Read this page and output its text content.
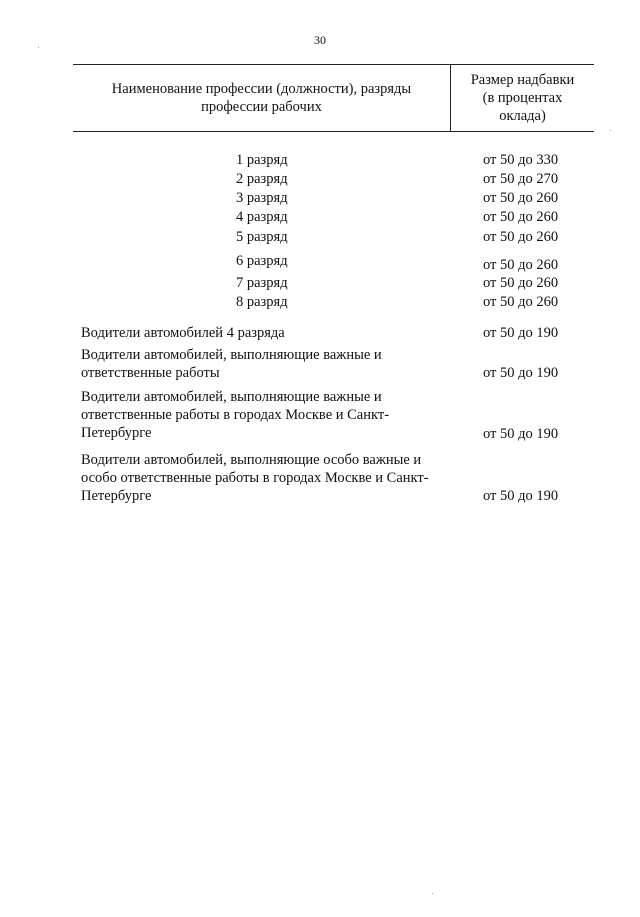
30
Наименование профессии (должности), разряды
профессии рабочих
Размер надбавки
(в процентах
оклада)
1 разряд	от 50 до 330
2 разряд	от 50 до 270
3 разряд	от 50 до 260
4 разряд	от 50 до 260
5 разряд	от 50 до 260
6 разряд	от 50 до 260
7 разряд	от 50 до 260
8 разряд	от 50 до 260
Водители автомобилей 4 разряда	от 50 до 190
Водители автомобилей, выполняющие важные и
ответственные работы	от 50 до 190
Водители автомобилей, выполняющие важные и
ответственные работы в городах Москве и Санкт-
Петербурге	от 50 до 190
Водители автомобилей, выполняющие особо важные и
особо ответственные работы в городах Москве и Санкт-
Петербурге	от 50 до 190
